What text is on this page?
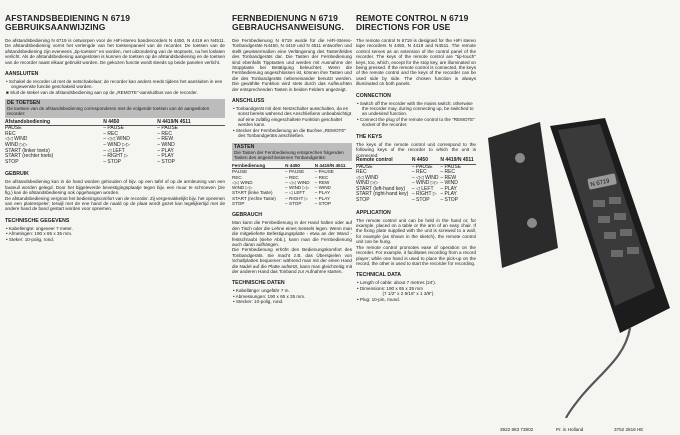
AFSTANDSBEDIENING N 6719
GEBRUIKSAANWIJZING

De afstandsbediening N 6719 is ontworpen voor de HiFi-stereo bandrecorders N 4450, N 4419 en N4511. De afstandsbediening vormt het verlengde van het toetsenpaneel van de recorder. De toetsen van de afstandsbediening zijn eveneens „tip-toetsen" en worden, met uitzondering van de stoptoets, na het loslaten verlicht. Als de afstandsbediening aangesloten is kunnen de toetsen op de afstandsbediening en de toetsen van de recorder naast elkaar gebruikt worden. De gekozen functie wordt steeds op beide panelen verlicht.

AANSLUITEN

• Schakel de recorder uit met de netschakelaar; de recorder kan anders reeds tijdens het aansluiten in een ongewenste functie geschakeld worden.

■ Sluit de steker van de afstandsbediening aan op de „REMOTE"-aansluitbus van de recorder.

DE TOETSEN
De toetsen van de afstandsbediening corresponderen met de volgende toetsen van de aangesloten recorder:
Afstandsbediening	N 4450	N 4419/N 4511
PAUSE	– PAUSE	– PAUSE
REC	– REC	– REC
◁◁ WIND	– ◁◁ WIND	– REW
WIND ▷▷	– WIND ▷▷	– WIND
START (linker toets)	– ◁ LEFT	– PLAY
START (rechter toets)	– RIGHT ▷	– PLAY
STOP	– STOP	– STOP
GEBRUIK

De afstandsbediening kan in de hand worden gehouden of bijv. op een tafel of op de armleuning van een fauteuil worden gelegd. Door het bijgeleverde bevestigingsplaatje tegen bijv. een muur te schroeven (zie fig.) kan de afstandsbediening ook opgehangen worden.

De afstandsbediening vergroot het bedieningscomfort van de recorder. Zij vergemakkelijkt bijv. het opnemen van een platenspeler; terwijl met de ene hand de naald op de plaat wordt gezet kan tegelijkertijd met de andere hand de band gestart worden voor opnemen.

TECHNISCHE GEGEVENS

• Kabellengte: ongeveer 7 meter.

• Afmetingen: 190 x 65 x 35 mm.

• Steker: 10-polig, rond.

FERNBEDIENUNG N 6719
GEBRAUCHSANWEISUNG.

Die Fernbedienung N 6719 wurde für die HiFi-Stereo-Tonbandgeräte N4450, N 4419 und N 4511 entworfen und stellt gewissermaßen eine Verlängerung des Tastenfeldes des Tonbandgeräts dar. Die Tasten der Fernbedienung sind ebenfalls Tipptasten und werden mit Ausnahme der Stopptaste bei Betätigung beleuchtet. Wenn die Fernbedienung angeschlossen ist, können ihre Tasten und die des Tonbandgeräts nebeneinander benutzt werden. Die gewählte Funktion wird stets durch das Aufleuchten der entsprechenden Tasten in beiden Feldern angezeigt.

ANSCHLUSS

• Tonbandgerät mit dem Netzschalter ausschalten, da es sonst bereits während des Anschließens unbeabsichtigt auf eine zufällig eingeschaltete Funktion geschaltet werden kann.

• Stecker der Fernbedienung an die Buchse „REMOTE" des Tonbandgeräts anschließen.

TASTEN
Die Tasten der Fernbedienung entsprechen folgenden Tasten des angeschlossenen Tonbandgeräts:
Fernbedienung	N 4450	N 4419/N 4511
PAUSE	– PAUSE	– PAUSE
REC	– REC	– REC
◁◁ WIND	– ◁◁ WIND	– REW
WIND ▷▷	– WIND ▷▷	– WIND
START (linke Taste)	– ◁ LEFT	– PLAY
START (rechte Taste)	– RIGHT ▷	– PLAY
STOP	– STOP	– STOP
GEBRAUCH

Man kann die Fernbedienung in der Hand halten oder auf den Tisch oder die Lehne eines Sessels legen. Wenn man die mitgelieferte Befestigungsplatte - etwa an der Wand - festschraubt (siehe Abb.), kann man die Fernbedienung auch daran aufhängen.

Die Fernbedienung erhöht den Bedienungskomfort des Tonbandgeräts. Sie macht z.B. das Überspielen von Schallplatten bequemer: während man mit der einen Hand die Nadel auf die Platte aufsetzt, kann man gleichzeitig mit der anderen Hand das Tonband zur Aufnahme starten.

TECHNISCHE DATEN

• Kabellänge: ungefähr 7 m.

• Abmessungen: 190 x 65 x 35 mm.

• Stecker: 10-polig, rund.

REMOTE CONTROL N 6719
DIRECTIONS FOR USE

The remote control N 6719 is designed for the HiFi stereo tape recorders N 4450, N 4419 and N4511. The remote control serves as an extension of the control panel of the recorder. The keys of the remote control are "tip-touch" keys, too, which, except for the stop key, are illuminated on being pressed. If the remote control is connected, the keys of the remote control and the keys of the recorder can be used side by side. The chosen function is always illuminated on both panels.

CONNECTION

• Switch off the recorder with the mains switch; otherwise the recorder may, during connecting up, be switched to an undesired function.

• Connect the plug of the remote control to the "REMOTE" socket of the recorder.

THE KEYS

The keys of the remote control unit correspond to the following keys of the recorder to which the unit is connected:

Remote control	N 4450	N 4419/N 4511
PAUSE	– PAUSE	– PAUSE
REC	– REC	– REC
◁◁ WIND	– ◁◁ WIND	– REW
WIND ▷▷	– WIND ▷▷	– WIND
START (left-hand key)	– ◁ LEFT	– PLAY
START (right-hand key)	– RIGHT ▷	– PLAY
STOP	– STOP	– STOP
APPLICATION

The remote control unit can be held in the hand or, for example, placed on a table or the arm of an easy chair. If the fixing plate supplied with the unit is screwed to a wall, for example (as shown in the sketch), the remote control unit can be hung.

The remote control promotes ease of operation on the recorder. For example, it facilitates recording from a record player; while one hand is used to place the pick-up on the record, the other is used to start the recorder for recording.

TECHNICAL DATA

• Length of cable: about 7 metres (24').

• Dimensions: 190 x 65 x 35 mm

(7 1/2" x 2 9/16" x 1 3/8").

• Plug: 10-pin, round.

N 6719
3922 983 73902	Pr. in Holland	3752 2819 HE
